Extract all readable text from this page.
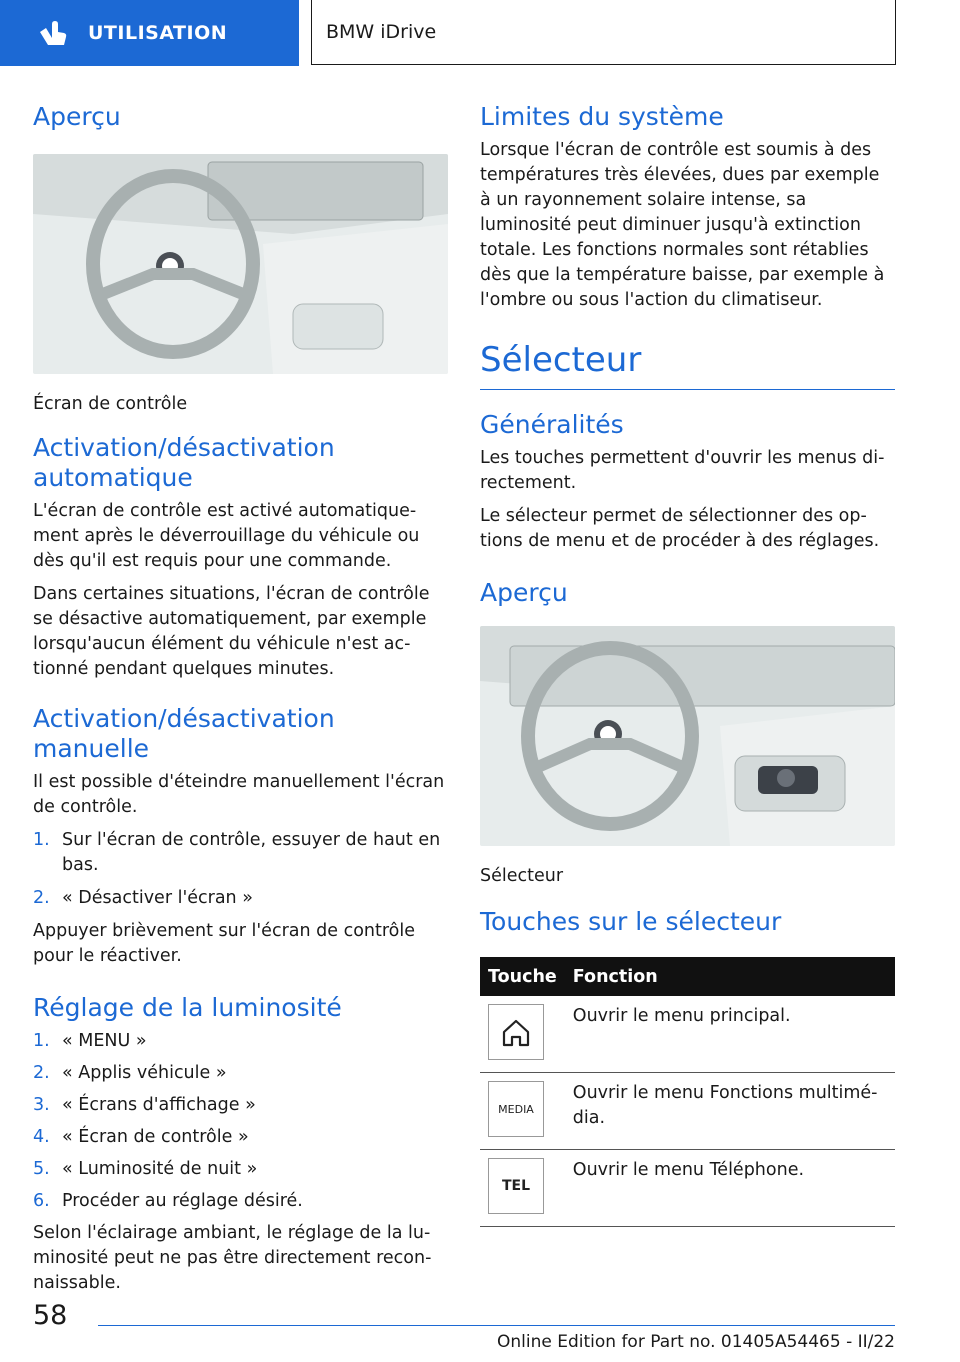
UTILISATION	BMW iDrive
Aperçu

Écran de contrôle

Activation/désactivation automatique

L'écran de contrôle est activé automatique-ment après le déverrouillage du véhicule ou dès qu'il est requis pour une commande.

Dans certaines situations, l'écran de contrôle se désactive automatiquement, par exemple lorsqu'aucun élément du véhicule n'est ac-tionné pendant quelques minutes.

Activation/désactivation manuelle

Il est possible d'éteindre manuellement l'écran de contrôle.

1. Sur l'écran de contrôle, essuyer de haut en bas.
2. « Désactiver l'écran »

Appuyer brièvement sur l'écran de contrôle pour le réactiver.

Réglage de la luminosité
1. « MENU »
2. « Applis véhicule »
3. « Écrans d'affichage »
4. « Écran de contrôle »
5. « Luminosité de nuit »
6. Procéder au réglage désiré.

Selon l'éclairage ambiant, le réglage de la lu-minosité peut ne pas être directement recon-naissable.

Limites du système

Lorsque l'écran de contrôle est soumis à des températures très élevées, dues par exemple à un rayonnement solaire intense, sa luminosité peut diminuer jusqu'à extinction totale. Les fonctions normales sont rétablies dès que la température baisse, par exemple à l'ombre ou sous l'action du climatiseur.

Sélecteur
Généralités

Les touches permettent d'ouvrir les menus di-rectement.

Le sélecteur permet de sélectionner des op-tions de menu et de procéder à des réglages.

Aperçu

Sélecteur

Touches sur le sélecteur
Touche	Fonction

	Ouvrir le menu principal.

MEDIA	Ouvrir le menu Fonctions multimé-dia.

TEL	Ouvrir le menu Téléphone.
58
Online Edition for Part no. 01405A54465 - II/22
